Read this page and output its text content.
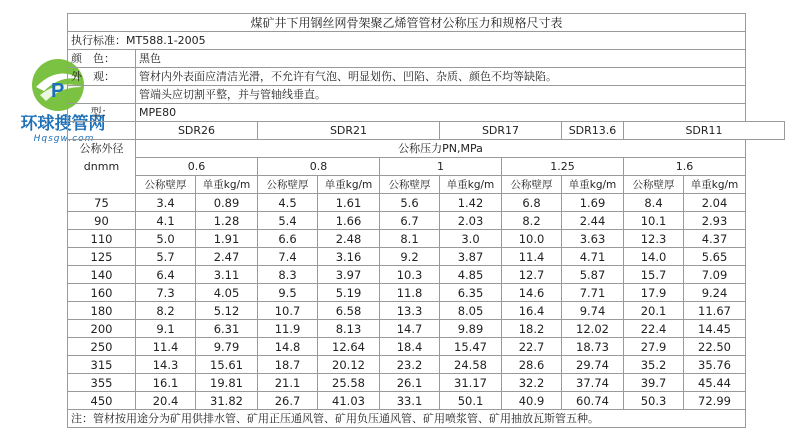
P
环球搜管网
Hqsgw.com
煤矿井下用钢丝网骨架聚乙烯管管材公称压力和规格尺寸表										
执行标准：MT588.1-2005										
颜　色：	黑色									
外　观：	管材内外表面应清洁光滑，不允许有气泡、明显划伤、凹陷、杂质、颜色不均等缺陷。									
	管端头应切割平整，并与管轴线垂直。									
型：	MPE80									
	SDR26		SDR21			SDR17		SDR13.6	SDR11	
公称外径
dnmm	公称压力PN,MPa									
	0.6		0.8		1		1.25		1.6	
	公称壁厚	单重kg/m	公称壁厚	单重kg/m	公称壁厚	单重kg/m	公称壁厚	单重kg/m	公称壁厚	单重kg/m
75	3.4	0.89	4.5	1.61	5.6	1.42	6.8	1.69	8.4	2.04
90	4.1	1.28	5.4	1.66	6.7	2.03	8.2	2.44	10.1	2.93
110	5.0	1.91	6.6	2.48	8.1	3.0	10.0	3.63	12.3	4.37
125	5.7	2.47	7.4	3.16	9.2	3.87	11.4	4.71	14.0	5.65
140	6.4	3.11	8.3	3.97	10.3	4.85	12.7	5.87	15.7	7.09
160	7.3	4.05	9.5	5.19	11.8	6.35	14.6	7.71	17.9	9.24
180	8.2	5.12	10.7	6.58	13.3	8.05	16.4	9.74	20.1	11.67
200	9.1	6.31	11.9	8.13	14.7	9.89	18.2	12.02	22.4	14.45
250	11.4	9.79	14.8	12.64	18.4	15.47	22.7	18.73	27.9	22.50
315	14.3	15.61	18.7	20.12	23.2	24.58	28.6	29.74	35.2	35.76
355	16.1	19.81	21.1	25.58	26.1	31.17	32.2	37.74	39.7	45.44
450	20.4	31.82	26.7	41.03	33.1	50.1	40.9	60.74	50.3	72.99
注：管材按用途分为矿用供排水管、矿用正压通风管、矿用负压通风管、矿用喷浆管、矿用抽放瓦斯管五种。										
